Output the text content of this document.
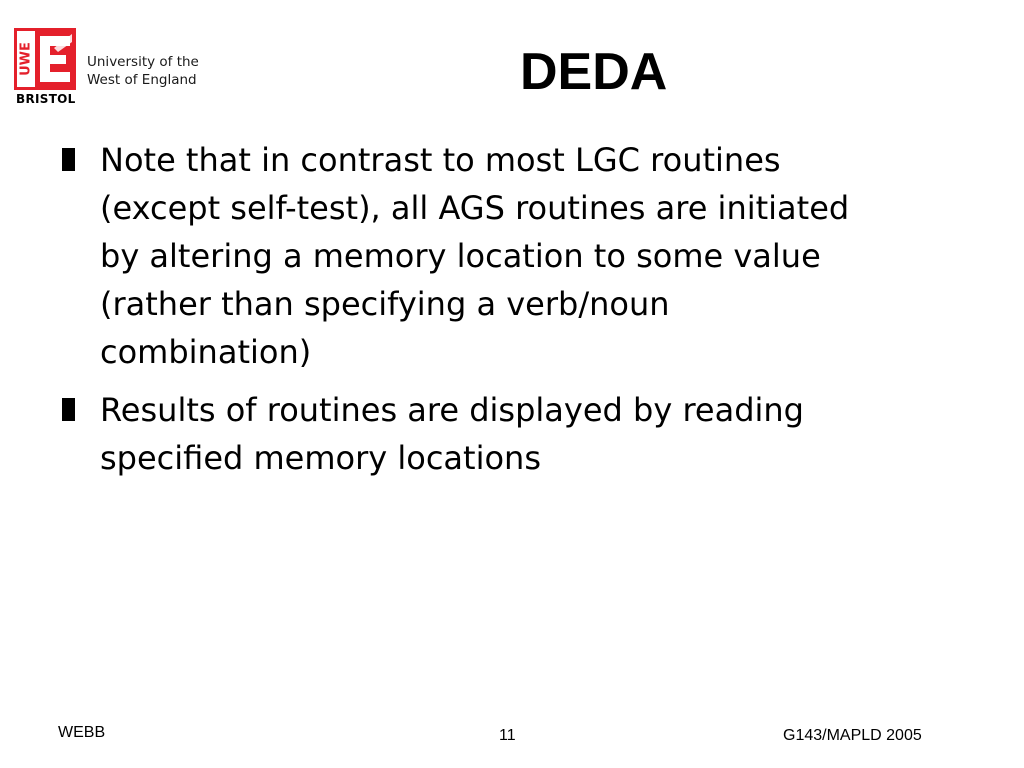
UWE
BRISTOL
University of the
West of England	DEDA
Note that in contrast to most LGC routines
(except self-test), all AGS routines are initiated
by altering a memory location to some value
(rather than specifying a verb/noun
combination)
Results of routines are displayed by reading
specified memory locations
WEBB	11	G143/MAPLD 2005
